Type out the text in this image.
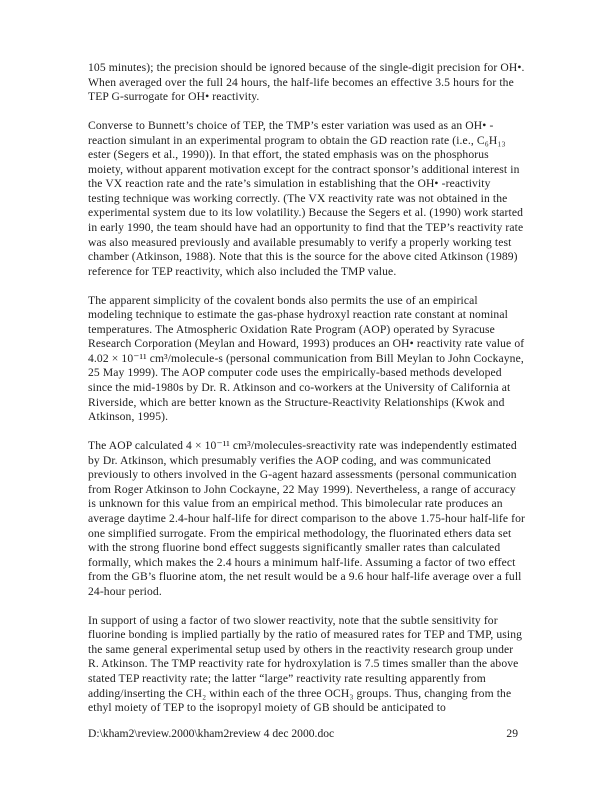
105 minutes); the precision should be ignored because of the single-digit precision for OH•. When averaged over the full 24 hours, the half-life becomes an effective 3.5 hours for the TEP G-surrogate for OH• reactivity.

Converse to Bunnett’s choice of TEP, the TMP’s ester variation was used as an OH• - reaction simulant in an experimental program to obtain the GD reaction rate (i.e., C₆H₁₃ ester (Segers et al., 1990)). In that effort, the stated emphasis was on the phosphorus moiety, without apparent motivation except for the contract sponsor’s additional interest in the VX reaction rate and the rate’s simulation in establishing that the OH• -reactivity testing technique was working correctly. (The VX reactivity rate was not obtained in the experimental system due to its low volatility.) Because the Segers et al. (1990) work started in early 1990, the team should have had an opportunity to find that the TEP’s reactivity rate was also measured previously and available presumably to verify a properly working test chamber (Atkinson, 1988). Note that this is the source for the above cited Atkinson (1989) reference for TEP reactivity, which also included the TMP value.

The apparent simplicity of the covalent bonds also permits the use of an empirical modeling technique to estimate the gas-phase hydroxyl reaction rate constant at nominal temperatures. The Atmospheric Oxidation Rate Program (AOP) operated by Syracuse Research Corporation (Meylan and Howard, 1993) produces an OH• reactivity rate value of 4.02 × 10⁻¹¹ cm³/molecule-s (personal communication from Bill Meylan to John Cockayne, 25 May 1999). The AOP computer code uses the empirically-based methods developed since the mid-1980s by Dr. R. Atkinson and co-workers at the University of California at Riverside, which are better known as the Structure-Reactivity Relationships (Kwok and Atkinson, 1995).

The AOP calculated 4 × 10⁻¹¹ cm³/molecules-sreactivity rate was independently estimated by Dr. Atkinson, which presumably verifies the AOP coding, and was communicated previously to others involved in the G-agent hazard assessments (personal communication from Roger Atkinson to John Cockayne, 22 May 1999). Nevertheless, a range of accuracy is unknown for this value from an empirical method. This bimolecular rate produces an average daytime 2.4-hour half-life for direct comparison to the above 1.75-hour half-life for one simplified surrogate. From the empirical methodology, the fluorinated ethers data set with the strong fluorine bond effect suggests significantly smaller rates than calculated formally, which makes the 2.4 hours a minimum half-life. Assuming a factor of two effect from the GB’s fluorine atom, the net result would be a 9.6 hour half-life average over a full 24-hour period.

In support of using a factor of two slower reactivity, note that the subtle sensitivity for fluorine bonding is implied partially by the ratio of measured rates for TEP and TMP, using the same general experimental setup used by others in the reactivity research group under R. Atkinson. The TMP reactivity rate for hydroxylation is 7.5 times smaller than the above stated TEP reactivity rate; the latter “large” reactivity rate resulting apparently from adding/inserting the CH₂ within each of the three OCH₃ groups. Thus, changing from the ethyl moiety of TEP to the isopropyl moiety of GB should be anticipated to

D:\kham2\review.2000\kham2review 4 dec 2000.doc	29
